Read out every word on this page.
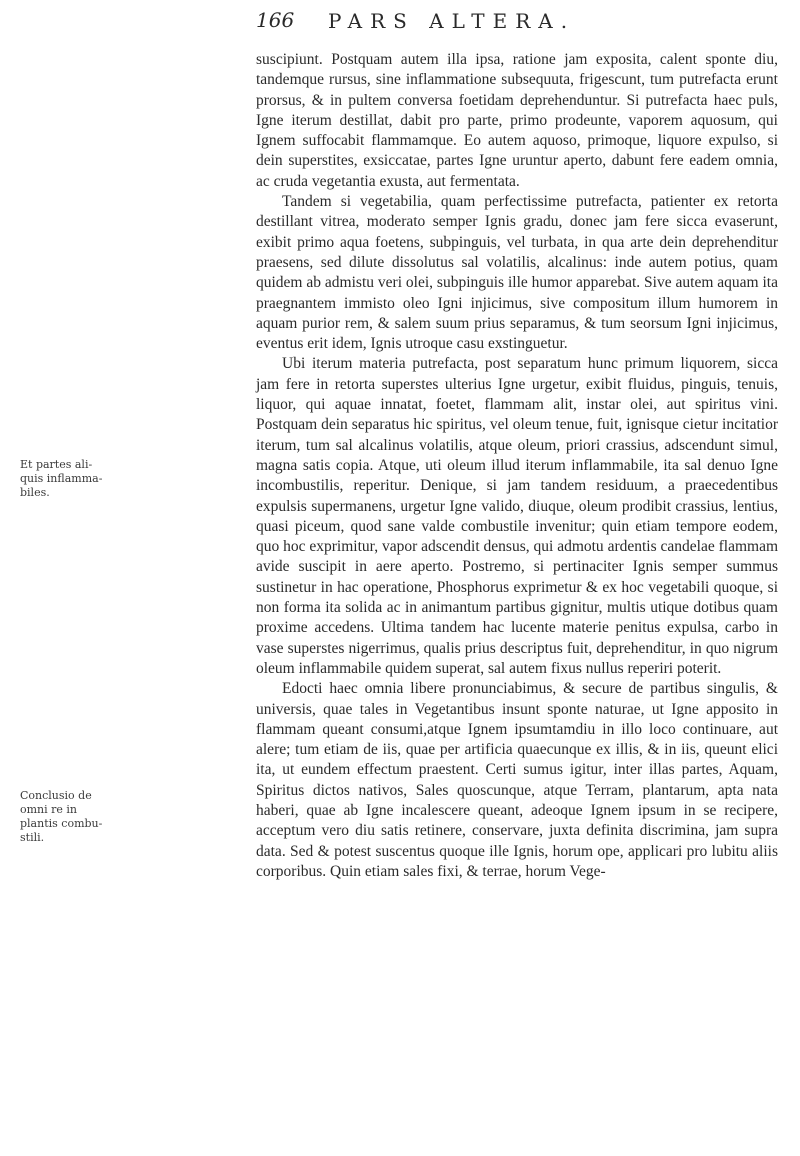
166 PARS ALTERA.
Et partes ali-quis inflamma-biles.
Conclusio de omni re in plantis combu-stili.

suscipiunt. Postquam autem illa ipsa, ratione jam exposita, calent sponte diu, tandemque rursus, sine inflammatione subsequuta, frigescunt, tum putrefacta erunt prorsus, & in pultem conversa foetidam deprehenduntur. Si putrefacta haec puls, Igne iterum destillat, dabit pro parte, primo prodeunte, vaporem aquosum, qui Ignem suffocabit flammamque. Eo autem aquoso, primoque, liquore expulso, si dein superstites, exsiccatae, partes Igne uruntur aperto, dabunt fere eadem omnia, ac cruda vegetantia exusta, aut fermentata.

Tandem si vegetabilia, quam perfectissime putrefacta, patienter ex retorta destillant vitrea, moderato semper Ignis gradu, donec jam fere sicca evaserunt, exibit primo aqua foetens, subpinguis, vel turbata, in qua arte dein deprehenditur praesens, sed dilute dissolutus sal volatilis, alcalinus: inde autem potius, quam quidem ab admistu veri olei, subpinguis ille humor apparebat. Sive autem aquam ita praegnantem immisto oleo Igni injicimus, sive compositum illum humorem in aquam purior rem, & salem suum prius separamus, & tum seorsum Igni injicimus, eventus erit idem, Ignis utroque casu exstinguetur.

Ubi iterum materia putrefacta, post separatum hunc primum liquorem, sicca jam fere in retorta superstes ulterius Igne urgetur, exibit fluidus, pinguis, tenuis, liquor, qui aquae innatat, foetet, flammam alit, instar olei, aut spiritus vini. Postquam dein separatus hic spiritus, vel oleum tenue, fuit, ignisque cietur incitatior iterum, tum sal alcalinus volatilis, atque oleum, priori crassius, adscendunt simul, magna satis copia. Atque, uti oleum illud iterum inflammabile, ita sal denuo Igne incombustilis, reperitur. Denique, si jam tandem residuum, a praecedentibus expulsis supermanens, urgetur Igne valido, diuque, oleum prodibit crassius, lentius, quasi piceum, quod sane valde combustile invenitur; quin etiam tempore eodem, quo hoc exprimitur, vapor adscendit densus, qui admotu ardentis candelae flammam avide suscipit in aere aperto. Postremo, si pertinaciter Ignis semper summus sustinetur in hac operatione, Phosphorus exprimetur & ex hoc vegetabili quoque, si non forma ita solida ac in animantum partibus gignitur, multis utique dotibus quam proxime accedens. Ultima tandem hac lucente materie penitus expulsa, carbo in vase superstes nigerrimus, qualis prius descriptus fuit, deprehenditur, in quo nigrum oleum inflammabile quidem superat, sal autem fixus nullus reperiri poterit.

Edocti haec omnia libere pronunciabimus, & secure de partibus singulis, & universis, quae tales in Vegetantibus insunt sponte naturae, ut Igne apposito in flammam queant consumi,atque Ignem ipsumtamdiu in illo loco continuare, aut alere; tum etiam de iis, quae per artificia quaecunque ex illis, & in iis, queunt elici ita, ut eundem effectum praestent. Certi sumus igitur, inter illas partes, Aquam, Spiritus dictos nativos, Sales quoscunque, atque Terram, plantarum, apta nata haberi, quae ab Igne incalescere queant, adeoque Ignem ipsum in se recipere, acceptum vero diu satis retinere, conservare, juxta definita discrimina, jam supra data. Sed & potest suscentus quoque ille Ignis, horum ope, applicari pro lubitu aliis corporibus. Quin etiam sales fixi, & terrae, horum Vege-
